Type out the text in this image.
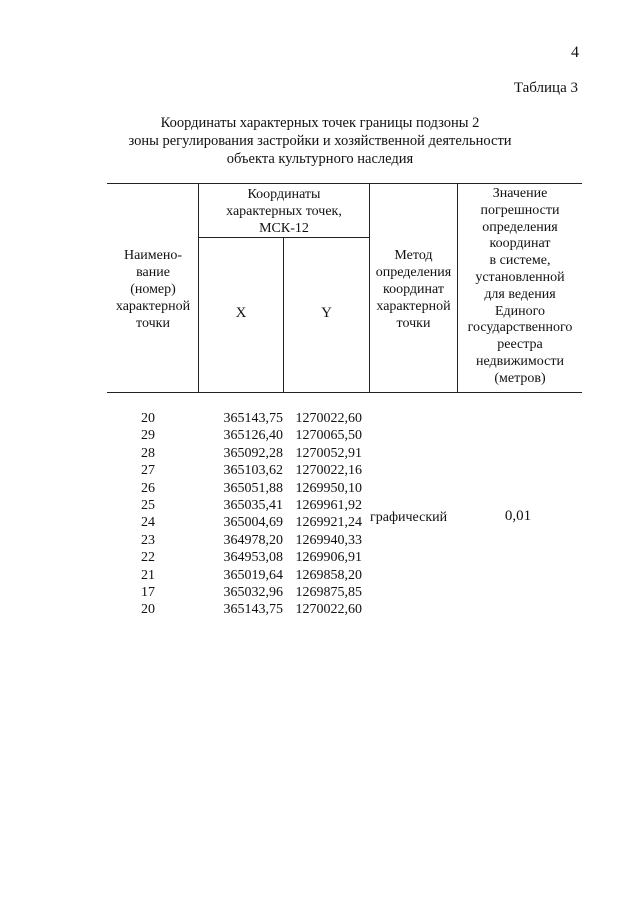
4
Таблица 3
Координаты характерных точек границы подзоны 2
зоны регулирования застройки и хозяйственной деятельности
объекта культурного наследия
Наимено-
вание
(номер)
характерной
точки
Координаты
характерных точек,
МСК-12
X	Y
Метод
определения
координат
характерной
точки
Значение
погрешности
определения
координат
в системе,
установленной
для ведения
Единого
государственного
реестра
недвижимости
(метров)
20
29
28
27
26
25
24
23
22
21
17
20
365143,75
365126,40
365092,28
365103,62
365051,88
365035,41
365004,69
364978,20
364953,08
365019,64
365032,96
365143,75
1270022,60
1270065,50
1270052,91
1270022,16
1269950,10
1269961,92
1269921,24
1269940,33
1269906,91
1269858,20
1269875,85
1270022,60
графический	0,01
